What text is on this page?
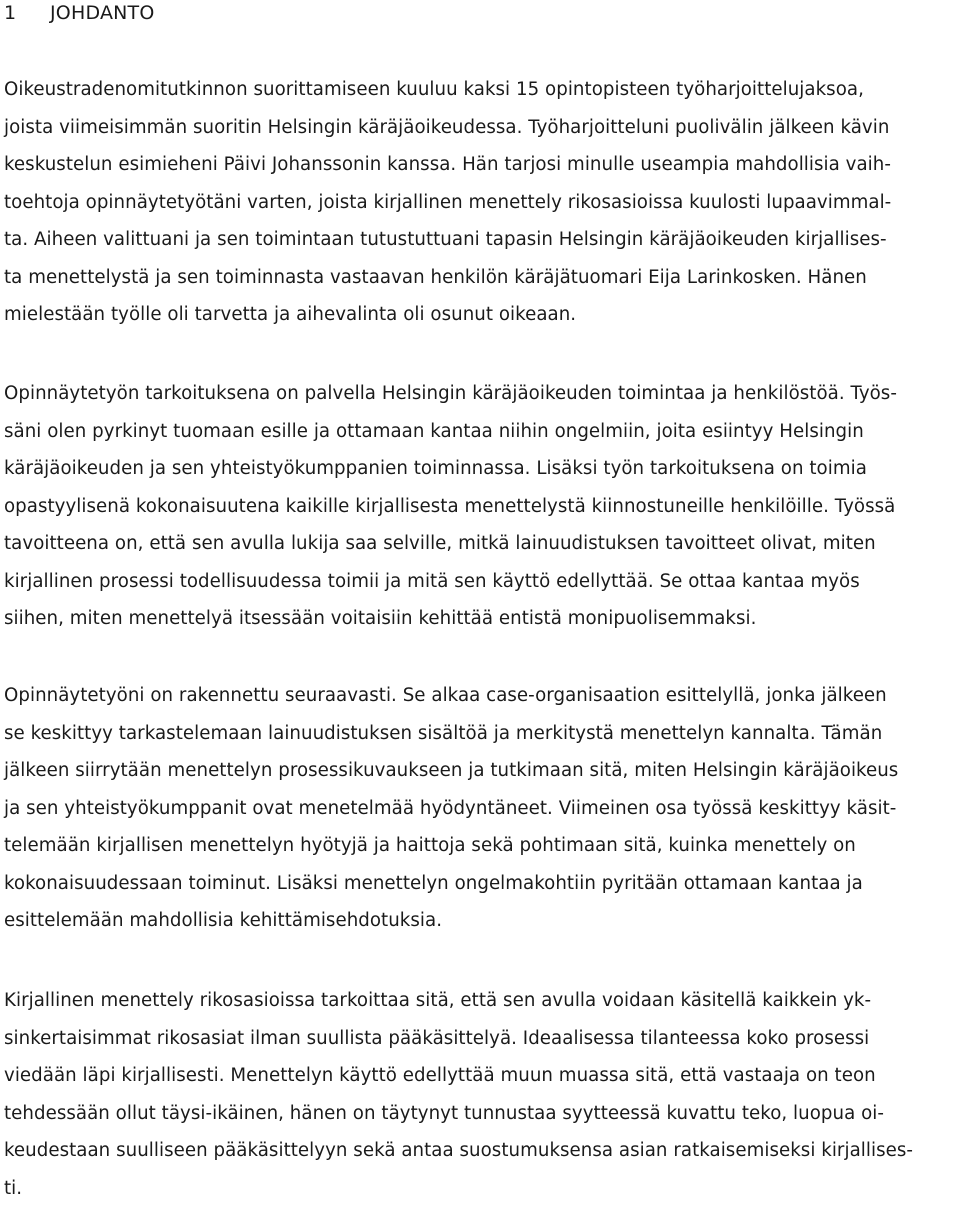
1 JOHDANTO
Oikeustradenomitutkinnon suorittamiseen kuuluu kaksi 15 opintopisteen työharjoittelujaksoa,
joista viimeisimmän suoritin Helsingin käräjäoikeudessa. Työharjoitteluni puolivälin jälkeen kävin
keskustelun esimieheni Päivi Johanssonin kanssa. Hän tarjosi minulle useampia mahdollisia vaih-
toehtoja opinnäytetyötäni varten, joista kirjallinen menettely rikosasioissa kuulosti lupaavimmal-
ta. Aiheen valittuani ja sen toimintaan tutustuttuani tapasin Helsingin käräjäoikeuden kirjallises-
ta menettelystä ja sen toiminnasta vastaavan henkilön käräjätuomari Eija Larinkosken. Hänen
mielestään työlle oli tarvetta ja aihevalinta oli osunut oikeaan.
Opinnäytetyön tarkoituksena on palvella Helsingin käräjäoikeuden toimintaa ja henkilöstöä. Työs-
säni olen pyrkinyt tuomaan esille ja ottamaan kantaa niihin ongelmiin, joita esiintyy Helsingin
käräjäoikeuden ja sen yhteistyökumppanien toiminnassa. Lisäksi työn tarkoituksena on toimia
opastyylisenä kokonaisuutena kaikille kirjallisesta menettelystä kiinnostuneille henkilöille. Työssä
tavoitteena on, että sen avulla lukija saa selville, mitkä lainuudistuksen tavoitteet olivat, miten
kirjallinen prosessi todellisuudessa toimii ja mitä sen käyttö edellyttää. Se ottaa kantaa myös
siihen, miten menettelyä itsessään voitaisiin kehittää entistä monipuolisemmaksi.
Opinnäytetyöni on rakennettu seuraavasti. Se alkaa case-organisaation esittelyllä, jonka jälkeen
se keskittyy tarkastelemaan lainuudistuksen sisältöä ja merkitystä menettelyn kannalta. Tämän
jälkeen siirrytään menettelyn prosessikuvaukseen ja tutkimaan sitä, miten Helsingin käräjäoikeus
ja sen yhteistyökumppanit ovat menetelmää hyödyntäneet. Viimeinen osa työssä keskittyy käsit-
telemään kirjallisen menettelyn hyötyjä ja haittoja sekä pohtimaan sitä, kuinka menettely on
kokonaisuudessaan toiminut. Lisäksi menettelyn ongelmakohtiin pyritään ottamaan kantaa ja
esittelemään mahdollisia kehittämisehdotuksia.
Kirjallinen menettely rikosasioissa tarkoittaa sitä, että sen avulla voidaan käsitellä kaikkein yk-
sinkertaisimmat rikosasiat ilman suullista pääkäsittelyä. Ideaalisessa tilanteessa koko prosessi
viedään läpi kirjallisesti. Menettelyn käyttö edellyttää muun muassa sitä, että vastaaja on teon
tehdessään ollut täysi-ikäinen, hänen on täytynyt tunnustaa syytteessä kuvattu teko, luopua oi-
keudestaan suulliseen pääkäsittelyyn sekä antaa suostumuksensa asian ratkaisemiseksi kirjallises-
ti.
